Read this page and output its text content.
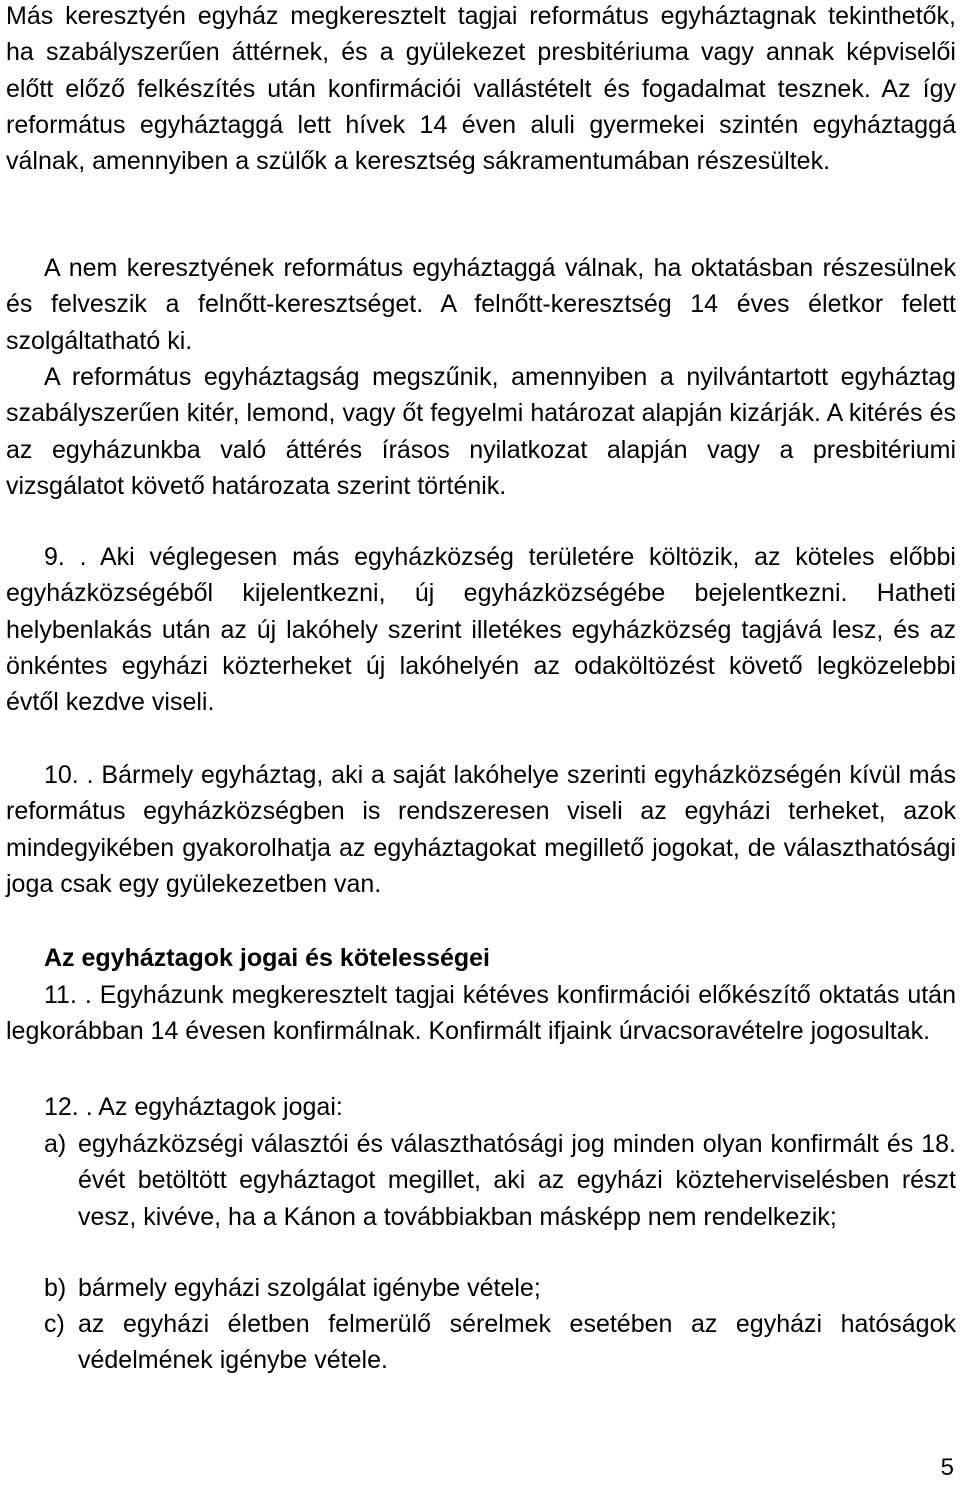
Más keresztyén egyház megkeresztelt tagjai református egyháztagnak tekinthetők, ha szabályszerűen áttérnek, és a gyülekezet presbitériuma vagy annak képviselői előtt előző felkészítés után konfirmációi vallástételt és fogadalmat tesznek. Az így református egyháztaggá lett hívek 14 éven aluli gyermekei szintén egyháztaggá válnak, amennyiben a szülők a keresztség sákramentumában részesültek.

A nem keresztyének református egyháztaggá válnak, ha oktatásban részesülnek és felveszik a felnőtt-keresztséget. A felnőtt-keresztség 14 éves életkor felett szolgáltatható ki.

A református egyháztagság megszűnik, amennyiben a nyilvántartott egyháztag szabályszerűen kitér, lemond, vagy őt fegyelmi határozat alapján kizárják. A kitérés és az egyházunkba való áttérés írásos nyilatkozat alapján vagy a presbitériumi vizsgálatot követő határozata szerint történik.

9. . Aki véglegesen más egyházközség területére költözik, az köteles előbbi egyházközségéből kijelentkezni, új egyházközségébe bejelentkezni. Hatheti helybenlakás után az új lakóhely szerint illetékes egyházközség tagjává lesz, és az önkéntes egyházi közterheket új lakóhelyén az odaköltözést követő legközelebbi évtől kezdve viseli.

10. . Bármely egyháztag, aki a saját lakóhelye szerinti egyházközségén kívül más református egyházközségben is rendszeresen viseli az egyházi terheket, azok mindegyikében gyakorolhatja az egyháztagokat megillető jogokat, de választhatósági joga csak egy gyülekezetben van.

Az egyháztagok jogai és kötelességei

11. . Egyházunk megkeresztelt tagjai kétéves konfirmációi előkészítő oktatás után legkorábban 14 évesen konfirmálnak. Konfirmált ifjaink úrvacsoravételre jogosultak.

12. . Az egyháztagok jogai:

a) egyházközségi választói és választhatósági jog minden olyan konfirmált és 18. évét betöltött egyháztagot megillet, aki az egyházi közteherviselésben részt vesz, kivéve, ha a Kánon a továbbiakban másképp nem rendelkezik;
b) bármely egyházi szolgálat igénybe vétele;
c) az egyházi életben felmerülő sérelmek esetében az egyházi hatóságok védelmének igénybe vétele.

5
